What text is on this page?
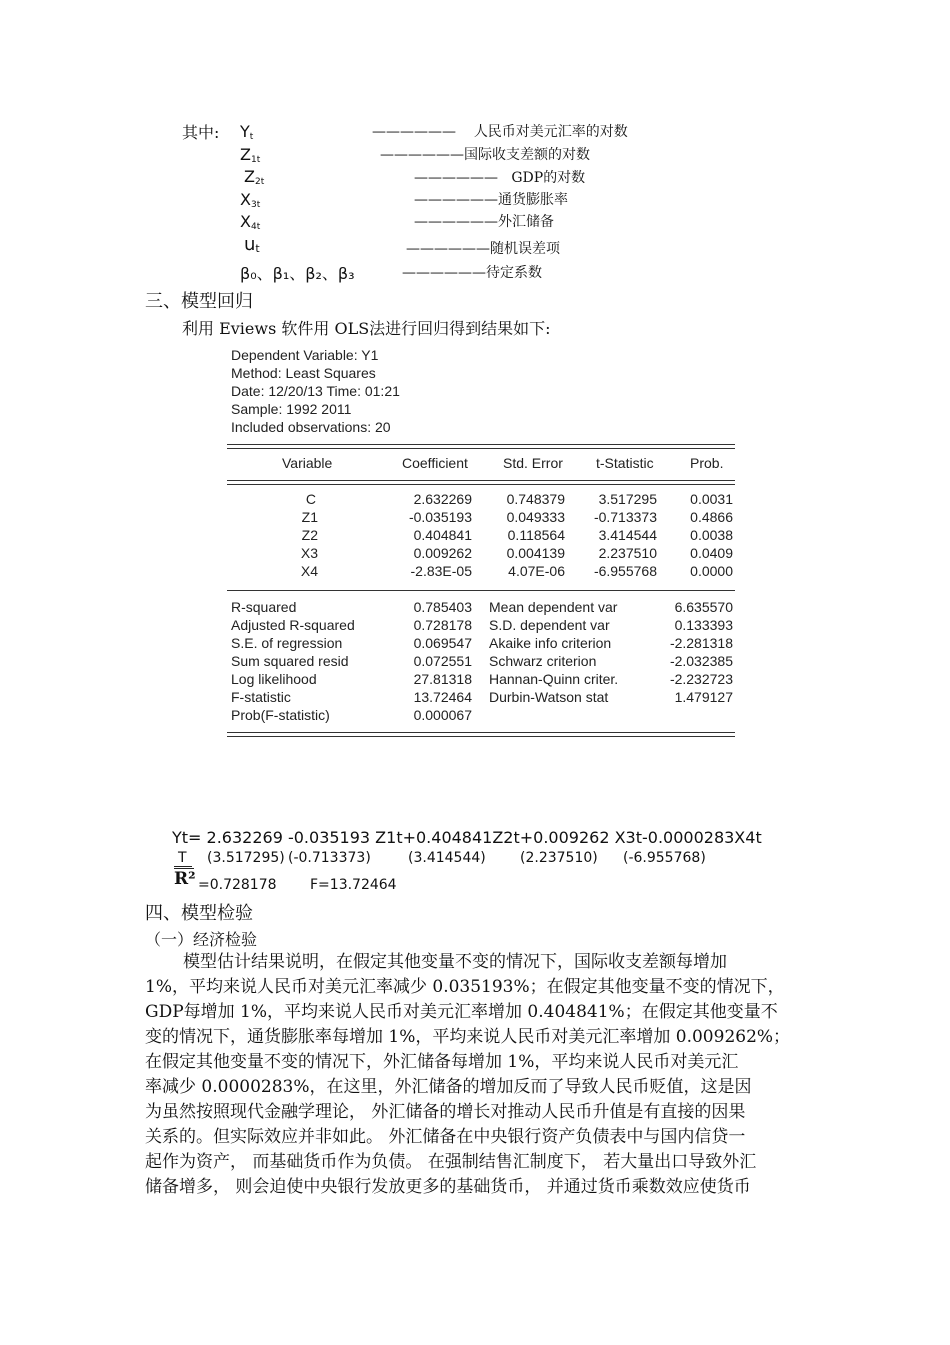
其中: $Y_t$	—————— 人民币对美元汇率的对数
$Z_{1t}$	——————国际收支差额的对数
$Z_{2t}$	—————— GDP的对数
$X_{3t}$	——————通货膨胀率
$X_{4t}$	——————外汇储备
$u_t$	——————随机误差项
β₀、β₁、β₂、β₃	——————待定系数
三、模型回归
利用 Eviews 软件用 OLS法进行回归得到结果如下:
Dependent Variable: Y1
Method: Least Squares
Date: 12/20/13 Time: 01:21
Sample: 1992 2011
Included observations: 20
Variable	Coefficient	Std. Error t-Statistic	Prob.
C	2.632269 0.748379 3.517295 0.0031
Z1	-0.035193 0.049333 -0.713373 0.4866
Z2	0.404841	0.118564 3.414544 0.0038
X3	0.009262 0.004139 2.237510 0.0409
X4	-2.83E-05	4.07E-06 -6.955768 0.0000
R-squared	0.785403 Mean dependent var	6.635570
Adjusted R-squared	0.728178 S.D. dependent var	0.133393
S.E. of regression	0.069547 Akaike info criterion	-2.281318
Sum squared resid	0.072551 Schwarz criterion	-2.032385
Log likelihood	27.81318 Hannan-Quinn criter.	-2.232723
F-statistic	13.72464 Durbin-Watson stat	1.479127
Prob(F-statistic)	0.000067
Yt= 2.632269 -0.035193 Z1t+0.404841Z2t+0.009262 X3t-0.0000283X4t
T (3.517295) (-0.713373)	(3.414544) (2.237510) (-6.955768)
R² =0.728178 F=13.72464
四、模型检验
（一）经济检验
模型估计结果说明，在假定其他变量不变的情况下，国际收支差额每增加
1%，平均来说人民币对美元汇率减少 0.035193%；在假定其他变量不变的情况下，
GDP每增加 1%，平均来说人民币对美元汇率增加 0.404841%；在假定其他变量不
变的情况下，通货膨胀率每增加 1%，平均来说人民币对美元汇率增加 0.009262%；
在假定其他变量不变的情况下，外汇储备每增加 1%，平均来说人民币对美元汇
率减少 0.0000283%，在这里，外汇储备的增加反而了导致人民币贬值，这是因
为虽然按照现代金融学理论， 外汇储备的增长对推动人民币升值是有直接的因果
关系的。但实际效应并非如此。 外汇储备在中央银行资产负债表中与国内信贷一
起作为资产， 而基础货币作为负债。 在强制结售汇制度下， 若大量出口导致外汇
储备增多， 则会迫使中央银行发放更多的基础货币， 并通过货币乘数效应使货币
